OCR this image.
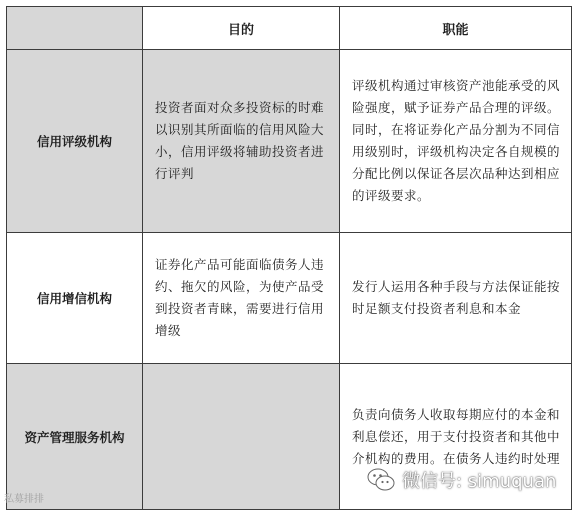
	目的	职能
信用评级机构	投资者面对众多投资标的时难以识别其所面临的信用风险大小，信用评级将辅助投资者进行评判	评级机构通过审核资产池能承受的风险强度，赋予证券产品合理的评级。同时，在将证券化产品分割为不同信用级别时，评级机构决定各自规模的分配比例以保证各层次品种达到相应的评级要求。
信用增信机构	证券化产品可能面临债务人违约、拖欠的风险，为使产品受到投资者青睐，需要进行信用增级	发行人运用各种手段与方法保证能按时足额支付投资者利息和本金
资产管理服务机构		负责向债务人收取每期应付的本金和利息偿还，用于支付投资者和其他中介机构的费用。在债务人违约时处理
私募排排
微信号: simuquan
